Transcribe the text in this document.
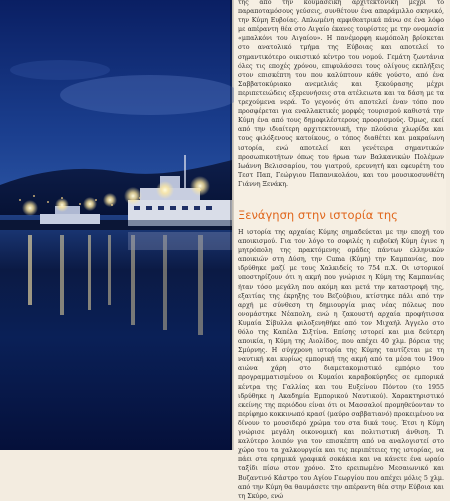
της από την κουμασέική αρχιτεκτονική μέχρι το παραποταμόσους γεύσεις, συνθέτουν ένα απαράμιλλο σκηνικό, την Κύμη Ευβοίας. Απλωμένη αμφιθεατρικά πάνω σε ένα λόφο με απέραντη θέα στο Αιγαίο έκανες τουρίστες με την ονομασία «μπαλκόνι του Αιγαίου». Η πανέμορφη κωμόπολη βρίσκεται στο ανατολικό τμήμα της Εύβοιας και αποτελεί το σημαντικότερο οικιστικό κέντρο του νομού. Γεμάτη ζωντάνια όλες τις εποχές χρόνου, επιφυλάσσει τους ολίγους εκπλήξεις στον επισκέπτη του που καλύπτουν κάθε γούστο, από ένα Σαββατοκύριακο ανεμελιάς και ξεκούρασης μέχρι περιπετειώδεις εξερευνήσεις στα ατέλειωτα και τα δάση με τα τρεχούμενα νερά. Το γεγονός ότι αποτελεί έναν τόπο που προσφέρεται για εναλλακτικές μορφές τουρισμού καθιστά την Κύμη ένα από τους δημοφιλέστερους προορισμούς. Όμως, εκεί από την ιδιαίτερη αρχιτεκτονική, την πλούσια χλωρίδα και τους φιλόξενους κατοίκους, ο τόπος διαθέτει και μακραίωνη ιστορία, ενώ αποτελεί και γενέτειρα σημαντικών προσωπικοτήτων όπως του ήρωα των Βαλκανικών Πολέμων Ιωάννη Βελισσαρίου, του γιατρού, ερευνητή και εφευρέτη του Τεστ Παπ, Γεώργιου Παπανικολάου, και του μουσικοσυνθέτη Γιάννη Ξενάκη.

Ξενάγηση στην ιστορία της

Η ιστορία της αρχαίας Κύμης σημαδεύεται με την εποχή του αποικισμού. Για τον λόγο το σοφιλές η ευβοϊκή Κύμη έγινε η μητρόπολη της πρακτόμενης ομάδες πάντων ελληνικών αποικιών στη Δύση, την Cuma (Κύμη) την Καμπανίας, που ιδρύθηκε μαζί με τους Χαλκιδείς το 754 π.Χ. Οι ιστορικοί υποστηρίζουν ότι η ακμή που γνώρισε η Κύμη της Καμπανίας ήταν τόσο μεγάλη που ακόμη και μετά την καταστροφή της, εξαιτίας της έκρηξης του Βεζούβιου, κτίστηκε πάλι από την αρχή με σύνθεση τη δημιουργία μιας νέας πόλεως που ονομάστηκε Νέαπολη, ενώ η ζακουστή αρχαία προφήτισσα Κυμαία Σίβυλλα φιλοξενηθήκε από τον Μιχαήλ Άγγελο στο θόλο της Καπέλα Σιξτίνα. Επίσης ιστορεί και μια δεύτερη αποικία, η Κύμη της Αιολίδος, που απέχει 40 χλμ. βόρεια της Σμύρνης. Η σύγχρονη ιστορία της Κύμης ταυτίζεται με τη ναυτική και κυρίως εμπορική της ακμή από τα μέσα του 19ου αιώνα χάρη στο διαμετακομιστικό εμπόριο του προγραμματισμένου οι Κυμαίοι καραβοκύρηδες σε εμπορικά κέντρα της Γαλλίας και του Ευξείνου Πόντου (το 1955 ιδρύθηκε η Ακαδημία Εμπορικού Ναυτικού). Χαρακτηριστικό εκείνης της περιόδου είναι ότι οι Μασσαλοί προμηθεύονταν το περίφημο κοκκινωπό κρασί (μαύρο σαββατιανό) προκειμένου να δίνουν το μουσιδερό χρώμα του στα δικά τους. Έτσι η Κύμη γνώρισε μεγάλη οικονομική και πολιτιστική άνθιση. Τι καλύτερο λοιπόν για τον επισκέπτη από να αναλογιστεί στο χώρο του τα χαλκουργεία και τις περιπέτειες της ιστορίας, να πάει στα ερημικά γραφικά σοκάκια και να κάνετε ένα ωραίο ταξίδι πίσω στον χρόνο. Στο ερειπωμένο Μεσαιωνικό και Βυζαντινό Κάστρο του Αγίου Γεωργίου που απέχει μόλις 5 χλμ. από την Κύμη θα θαυμάσετε την απέραντη θέα στην Εύβοια και τη Σκύρο, ενώ
